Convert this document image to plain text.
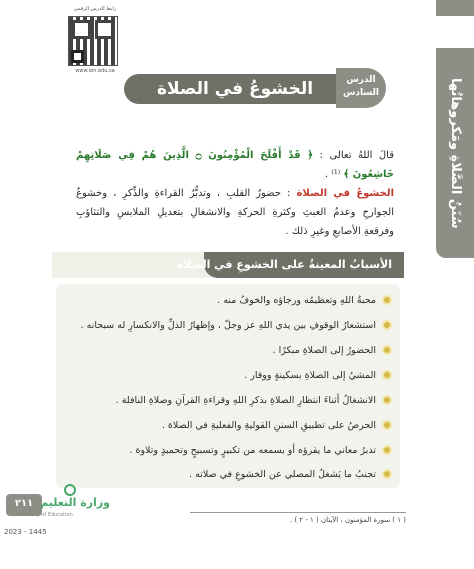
سُنَنُ الصَّلاةِ ومَكروهاتُها
رابط الدرس الرقمي
www.ien.edu.sa
الدرس
السادس
الخشوعُ في الصلاة
قالَ اللهُ تعالى : ﴿ قَدْ أَفْلَحَ الْمُؤْمِنُونَ ۝ الَّذِينَ هُمْ فِي صَلَاتِهِمْ خَاشِعُونَ ﴾ ⁽¹⁾ .
الخشوعُ في الصلاة : حضورُ القلبِ ، وتدبُّرُ القراءةِ والذِّكرِ ، وخشوعُ الجوارحِ وعدمُ العبثِ وكثرةِ الحركةِ والانشغالِ بتعديلِ الملابسِ والتثاؤبِ وفرقعةِ الأصابعِ وغيرِ ذلك .
الأسبابُ المعينةُ على الخشوعِ في الصلاة
محبةُ اللهِ وتعظيمُه ورجاؤه والخوفُ منه .
استشعارُ الوقوفِ بين يدي اللهِ عز وجلّ ، وإظهارُ الذلِّ والانكسارِ له سبحانه .
الحضورُ إلى الصلاةِ مبكرًا .
المشيُ إلى الصلاةِ بسكينةٍ ووقار .
الانشغالُ أثناءَ انتظارِ الصلاةِ بذكرِ اللهِ وقراءةِ القرآنِ وصلاةِ النافلة .
الحرصُ على تطبيقِ السننِ القوليةِ والفعليةِ في الصلاة .
تدبرُ معاني ما يقرؤه أو يسمعه من تكبيرٍ وتسبيحٍ وتحميدٍ وتلاوة .
تجنبُ ما يَشغلُ المصلي عن الخشوعِ في صلاته .
( ١ ) سورة المؤمنون ، الآيتان ( ١ - ٢ ) .
٢١١ وزارة التعليم
Ministry of Education
2023 - 1445
